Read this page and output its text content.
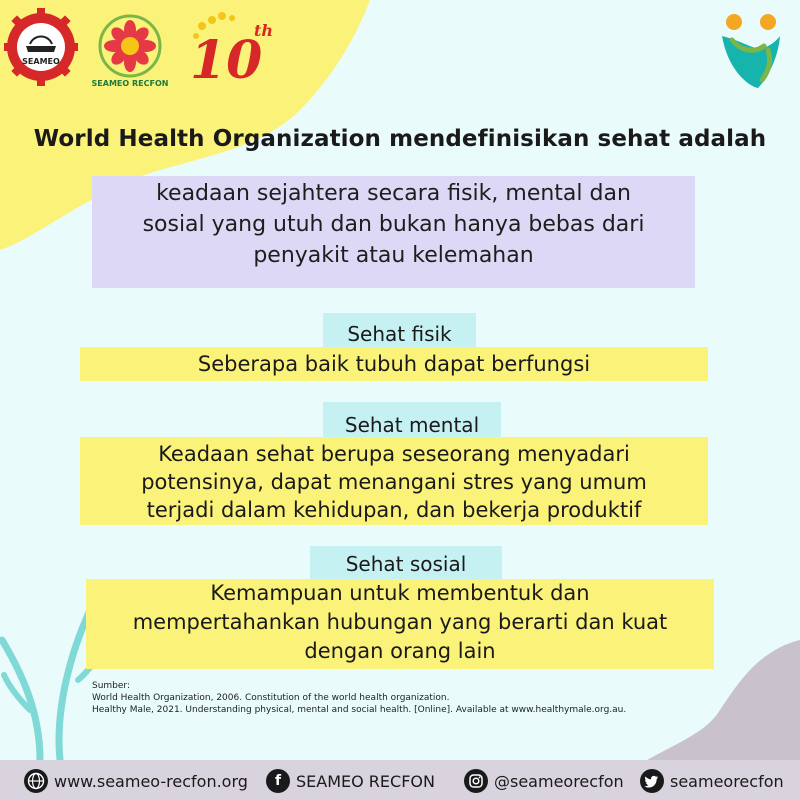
SEAMEO
SEAMEO RECFON 10
th
World Health Organization mendefinisikan sehat adalah
keadaan sejahtera secara fisik, mental dan
sosial yang utuh dan bukan hanya bebas dari
penyakit atau kelemahan
Sehat fisik
Seberapa baik tubuh dapat berfungsi
Sehat mental
Keadaan sehat berupa seseorang menyadari
potensinya, dapat menangani stres yang umum
terjadi dalam kehidupan, dan bekerja produktif
Sehat sosial
Kemampuan untuk membentuk dan
mempertahankan hubungan yang berarti dan kuat
dengan orang lain
Sumber:
World Health Organization, 2006. Constitution of the world health organization.
Healthy Male, 2021. Understanding physical, mental and social health. [Online]. Available at www.healthymale.org.au.
www.seameo-recfon.org	f SEAMEO RECFON	@seameorecfon	seameorecfon
